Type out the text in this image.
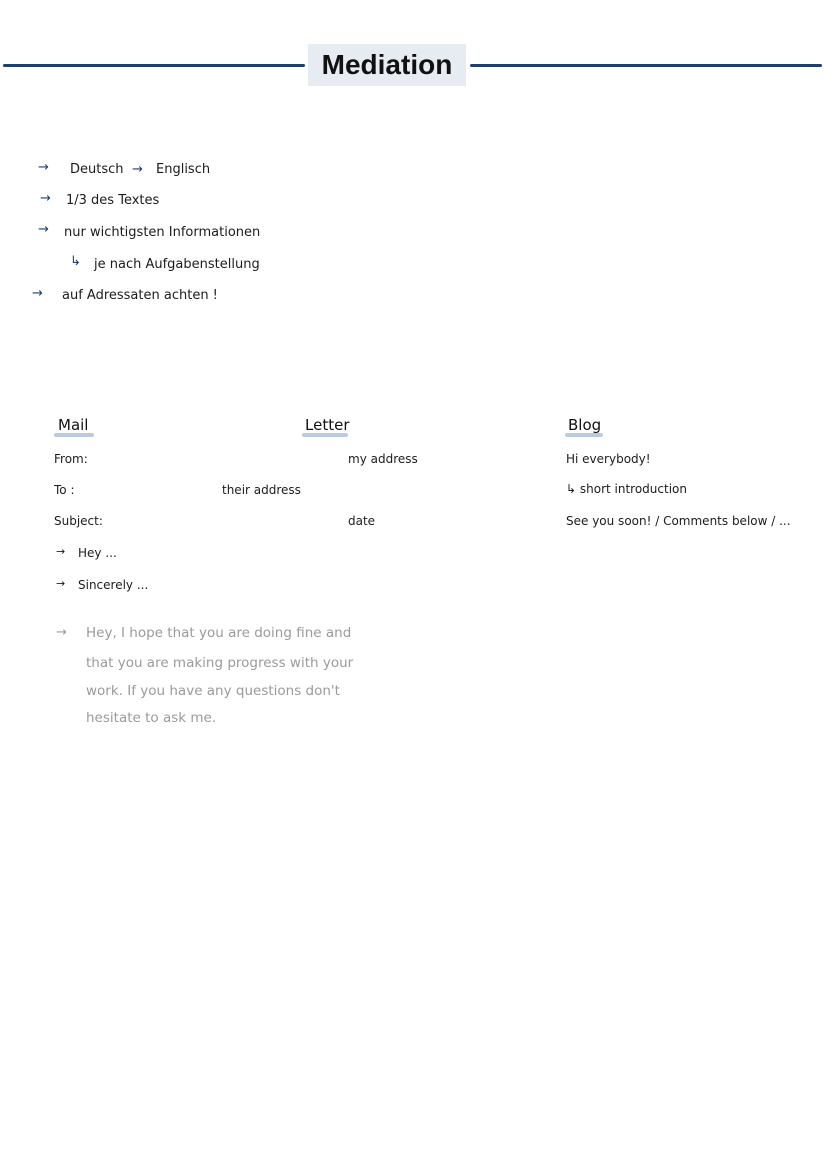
Mediation
→ Deutsch → Englisch
→ 1/3 des Textes
→ nur wichtigsten Informationen
↳ je nach Aufgabenstellung
→ auf Adressaten achten !
Mail
From:
To :
Subject:
→ Hey ...
→ Sincerely ...
Letter
my address
their address
date
Blog
Hi everybody!
↳ short introduction
See you soon! / Comments below / ...
→ Hey, I hope that you are doing fine and
that you are making progress with your
work. If you have any questions don't
hesitate to ask me.
